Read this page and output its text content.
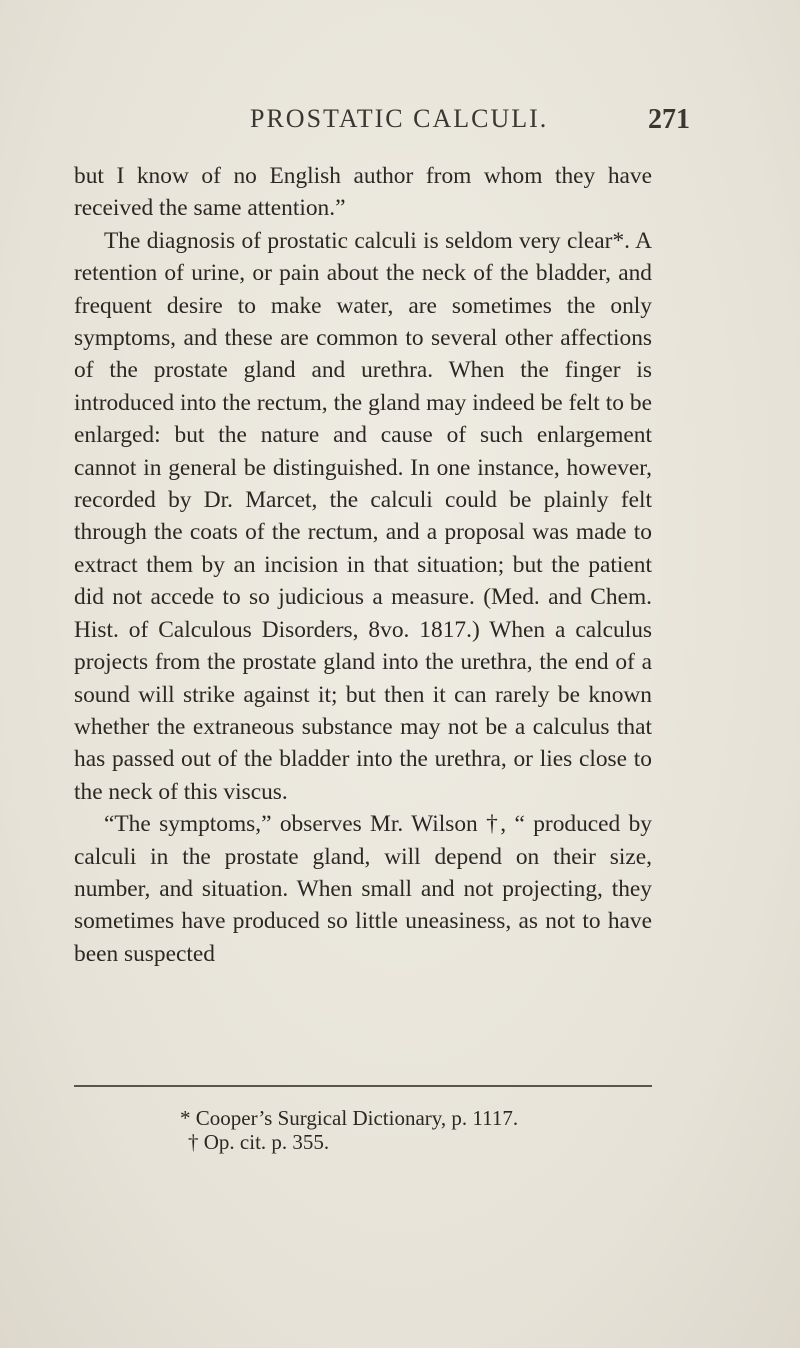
PROSTATIC CALCULI.	271

but I know of no English author from whom they have received the same attention.”

The diagnosis of prostatic calculi is seldom very clear*. A retention of urine, or pain about the neck of the bladder, and frequent desire to make water, are sometimes the only symptoms, and these are common to several other affections of the prostate gland and urethra. When the finger is introduced into the rectum, the gland may indeed be felt to be enlarged: but the nature and cause of such enlargement cannot in general be distinguished. In one instance, however, recorded by Dr. Marcet, the calculi could be plainly felt through the coats of the rectum, and a proposal was made to extract them by an incision in that situation; but the patient did not accede to so judicious a measure. (Med. and Chem. Hist. of Calculous Disorders, 8vo. 1817.) When a calculus projects from the prostate gland into the urethra, the end of a sound will strike against it; but then it can rarely be known whether the extraneous substance may not be a calculus that has passed out of the bladder into the urethra, or lies close to the neck of this viscus.

“The symptoms,” observes Mr. Wilson †, “ produced by calculi in the prostate gland, will depend on their size, number, and situation. When small and not projecting, they sometimes have produced so little uneasiness, as not to have been suspected

* Cooper’s Surgical Dictionary, p. 1117.
† Op. cit. p. 355.
